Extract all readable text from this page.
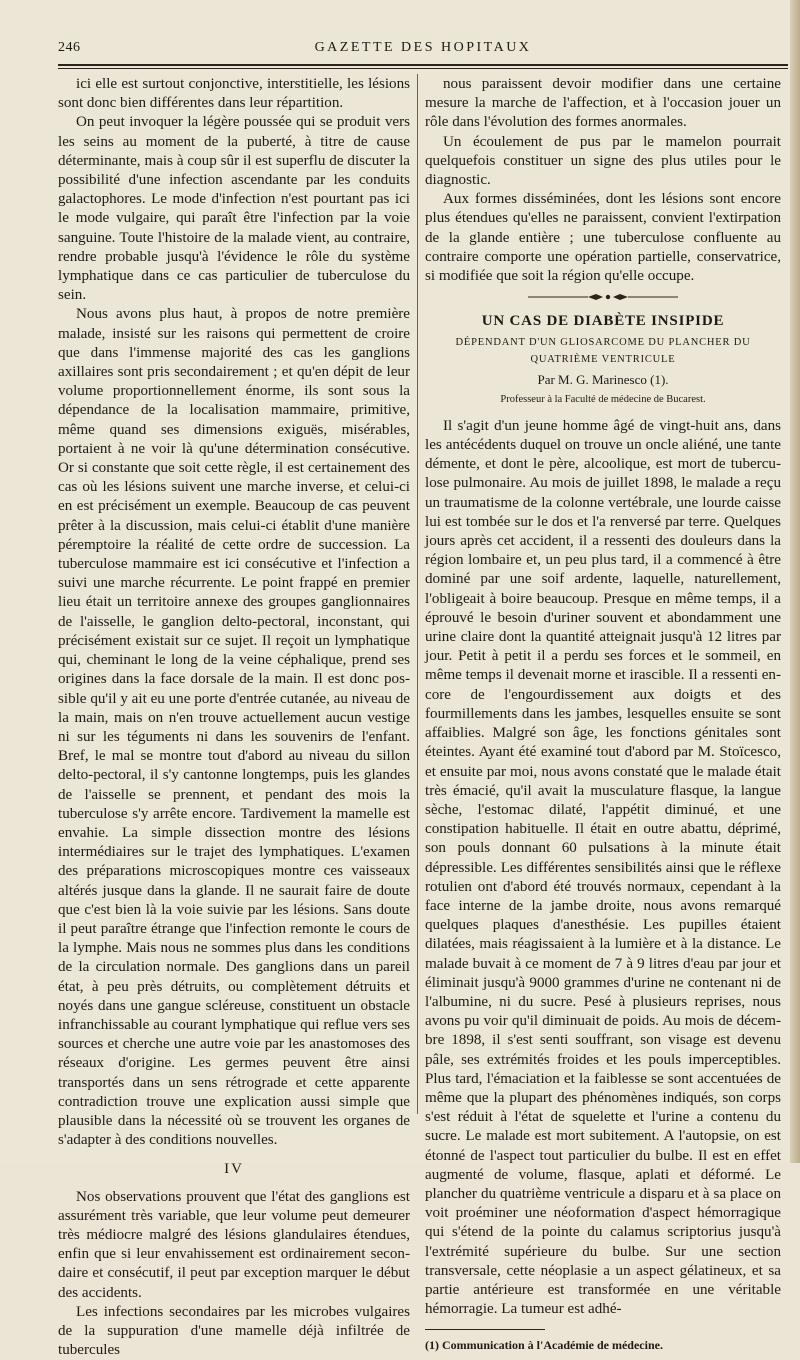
246	GAZETTE DES HOPITAUX

ici elle est surtout conjonctive, interstitielle, les lésions sont donc bien différentes dans leur répartition.

On peut invoquer la légère poussée qui se produit vers les seins au moment de la puberté, à titre de cause déterminante, mais à coup sûr il est superflu de discuter la possibilité d'une infection ascendante par les conduits galactophores. Le mode d'infection n'est pourtant pas ici le mode vulgaire, qui paraît être l'infection par la voie sanguine. Toute l'histoire de la malade vient, au contraire, rendre probable jusqu'à l'évidence le rôle du système lymphatique dans ce cas particulier de tuberculose du sein.

Nous avons plus haut, à propos de notre première malade, insisté sur les raisons qui permettent de croire que dans l'immense majorité des cas les ganglions axillaires sont pris secondairement ; et qu'en dépit de leur volume proportionnellement énorme, ils sont sous la dépendance de la localisation mammaire, primitive, même quand ses dimensions exiguës, misérables, portaient à ne voir là qu'une détermination consécutive. Or si constante que soit cette règle, il est certainement des cas où les lésions suivent une marche inverse, et celui-ci en est précisément un exemple. Beaucoup de cas peuvent prêter à la discussion, mais celui-ci établit d'une manière péremptoire la réalité de cette ordre de succession. La tuberculose mammaire est ici consécutive et l'infection a suivi une marche récurrente. Le point frappé en premier lieu était un territoire annexe des groupes ganglionnaires de l'aisselle, le ganglion delto-pectoral, inconstant, qui précisément existait sur ce sujet. Il reçoit un lymphatique qui, cheminant le long de la veine céphalique, prend ses origines dans la face dorsale de la main. Il est donc possible qu'il y ait eu une porte d'entrée cutanée, au niveau de la main, mais on n'en trouve actuellement aucun vestige ni sur les téguments ni dans les souvenirs de l'enfant. Bref, le mal se montre tout d'abord au niveau du sillon delto-pectoral, il s'y cantonne longtemps, puis les glandes de l'aisselle se prennent, et pendant des mois la tuberculose s'y arrête encore. Tardivement la mamelle est envahie. La simple dissection montre des lésions intermédiaires sur le trajet des lymphatiques. L'examen des préparations microscopiques montre ces vaisseaux altérés jusque dans la glande. Il ne saurait faire de doute que c'est bien là la voie suivie par les lésions. Sans doute il peut paraître étrange que l'infection remonte le cours de la lymphe. Mais nous ne sommes plus dans les conditions de la circulation normale. Des ganglions dans un pareil état, à peu près détruits, ou complètement détruits et noyés dans une gangue scléreuse, constituent un obstacle infranchissable au courant lymphatique qui reflue vers ses sources et cherche une autre voie par les anastomoses des réseaux d'origine. Les germes peuvent être ainsi transportés dans un sens rétrograde et cette apparente contradiction trouve une explication aussi simple que plausible dans la nécessité où se trouvent les organes de s'adapter à des conditions nouvelles.

IV

Nos observations prouvent que l'état des ganglions est assurément très variable, que leur volume peut demeurer très médiocre malgré des lésions glandulaires étendues, enfin que si leur envahissement est ordinairement secondaire et consécutif, il peut par exception marquer le début des accidents.

Les infections secondaires par les microbes vulgaires de la suppuration d'une mamelle déjà infiltrée de tubercules

nous paraissent devoir modifier dans une certaine mesure la marche de l'affection, et à l'occasion jouer un rôle dans l'évolution des formes anormales.

Un écoulement de pus par le mamelon pourrait quelquefois constituer un signe des plus utiles pour le diagnostic.

Aux formes disséminées, dont les lésions sont encore plus étendues qu'elles ne paraissent, convient l'extirpation de la glande entière ; une tuberculose confluente au contraire comporte une opération partielle, conservatrice, si modifiée que soit la région qu'elle occupe.

UN CAS DE DIABÈTE INSIPIDE

DÉPENDANT D'UN GLIOSARCOME DU PLANCHER DU QUATRIÈME VENTRICULE

Par M. G. Marinesco (1).

Professeur à la Faculté de médecine de Bucarest.

Il s'agit d'un jeune homme âgé de vingt-huit ans, dans les antécédents duquel on trouve un oncle aliéné, une tante démente, et dont le père, alcoolique, est mort de tuberculose pulmonaire. Au mois de juillet 1898, le malade a reçu un traumatisme de la colonne vertébrale, une lourde caisse lui est tombée sur le dos et l'a renversé par terre. Quelques jours après cet accident, il a ressenti des douleurs dans la région lombaire et, un peu plus tard, il a commencé à être dominé par une soif ardente, laquelle, naturellement, l'obligeait à boire beaucoup. Presque en même temps, il a éprouvé le besoin d'uriner souvent et abondamment une urine claire dont la quantité atteignait jusqu'à 12 litres par jour. Petit à petit il a perdu ses forces et le sommeil, en même temps il devenait morne et irascible. Il a ressenti encore de l'engourdissement aux doigts et des fourmillements dans les jambes, lesquelles ensuite se sont affaiblies. Malgré son âge, les fonctions génitales sont éteintes. Ayant été examiné tout d'abord par M. Stoïcesco, et ensuite par moi, nous avons constaté que le malade était très émacié, qu'il avait la musculature flasque, la langue sèche, l'estomac dilaté, l'appétit diminué, et une constipation habituelle. Il était en outre abattu, déprimé, son pouls donnant 60 pulsations à la minute était dépressible. Les différentes sensibilités ainsi que le réflexe rotulien ont d'abord été trouvés normaux, cependant à la face interne de la jambe droite, nous avons remarqué quelques plaques d'anesthésie. Les pupilles étaient dilatées, mais réagissaient à la lumière et à la distance. Le malade buvait à ce moment de 7 à 9 litres d'eau par jour et éliminait jusqu'à 9000 grammes d'urine ne contenant ni de l'albumine, ni du sucre. Pesé à plusieurs reprises, nous avons pu voir qu'il diminuait de poids. Au mois de décembre 1898, il s'est senti souffrant, son visage est devenu pâle, ses extrémités froides et les pouls imperceptibles. Plus tard, l'émaciation et la faiblesse se sont accentuées de même que la plupart des phénomènes indiqués, son corps s'est réduit à l'état de squelette et l'urine a contenu du sucre. Le malade est mort subitement. A l'autopsie, on est étonné de l'aspect tout particulier du bulbe. Il est en effet augmenté de volume, flasque, aplati et déformé. Le plancher du quatrième ventricule a disparu et à sa place on voit proéminer une néoformation d'aspect hémorragique qui s'étend de la pointe du calamus scriptorius jusqu'à l'extrémité supérieure du bulbe. Sur une section transversale, cette néoplasie a un aspect gélatineux, et sa partie antérieure est transformée en une véritable hémorragie. La tumeur est adhé-

(1) Communication à l'Académie de médecine.
